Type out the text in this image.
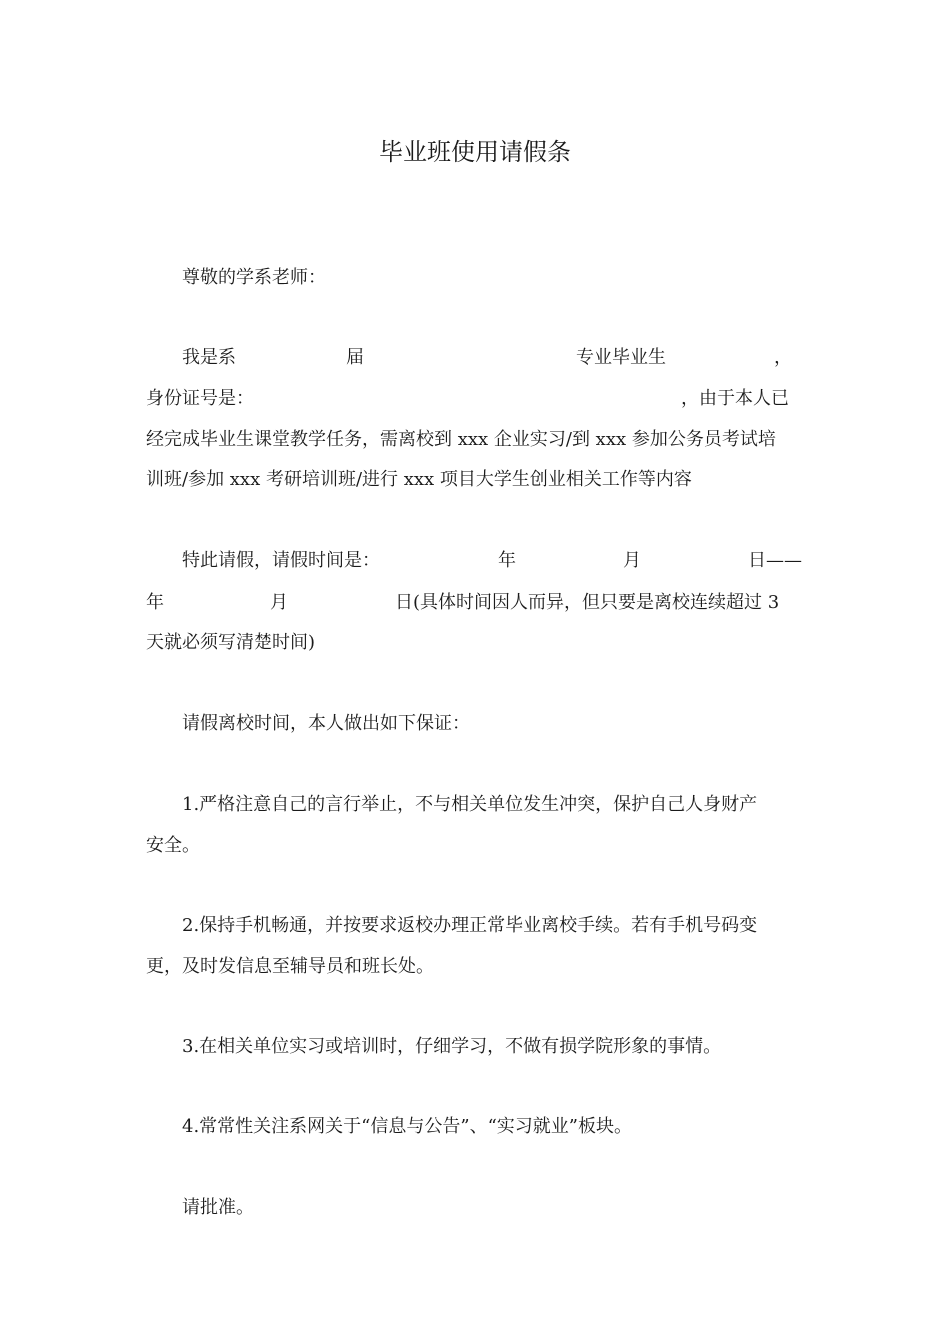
毕业班使用请假条
尊敬的学系老师：
我是系	届	专业毕业生	，
身份证号是：	，由于本人已
经完成毕业生课堂教学任务，需离校到 xxx 企业实习/到 xxx 参加公务员考试培
训班/参加 xxx 考研培训班/进行 xxx 项目大学生创业相关工作等内容
特此请假，请假时间是：	年	月	日——
年	月	日(具体时间因人而异，但只要是离校连续超过 3
天就必须写清楚时间)
请假离校时间，本人做出如下保证：
1.严格注意自己的言行举止，不与相关单位发生冲突，保护自己人身财产
安全。
2.保持手机畅通，并按要求返校办理正常毕业离校手续。若有手机号码变
更，及时发信息至辅导员和班长处。
3.在相关单位实习或培训时，仔细学习，不做有损学院形象的事情。
4.常常性关注系网关于“信息与公告”、“实习就业”板块。
请批准。
